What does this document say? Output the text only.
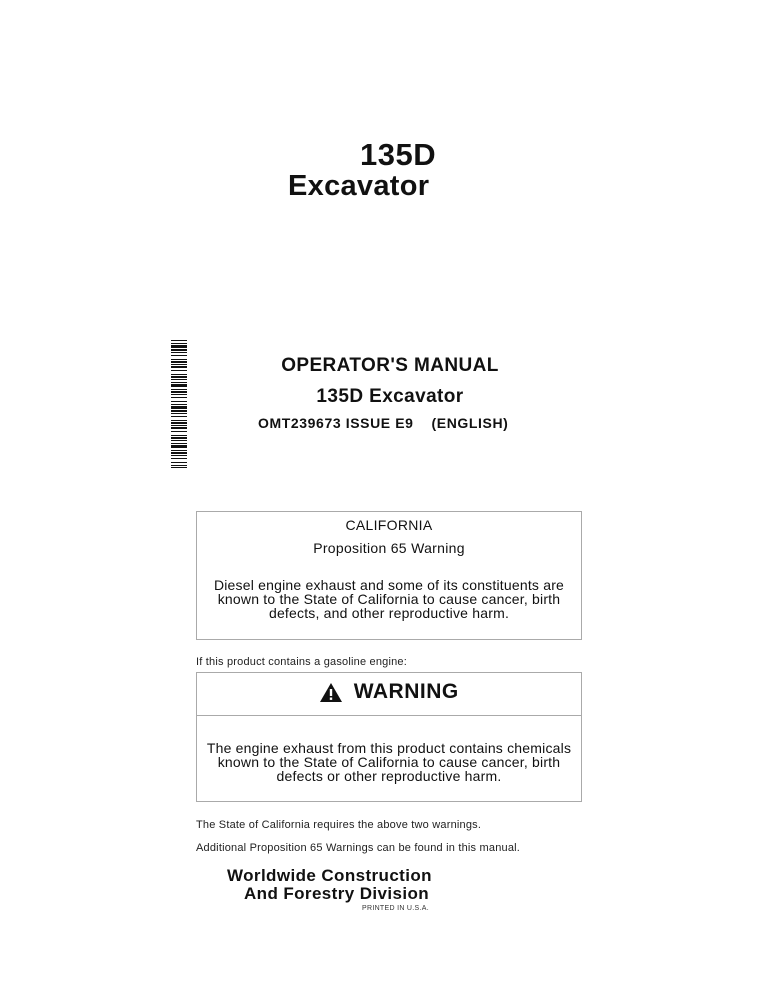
135D
Excavator
OPERATOR'S MANUAL
135D Excavator
OMT239673 ISSUE E9    (ENGLISH)
CALIFORNIA
Proposition 65 Warning
Diesel engine exhaust and some of its constituents are known to the State of California to cause cancer, birth defects, and other reproductive harm.
If this product contains a gasoline engine:
WARNING
The engine exhaust from this product contains chemicals known to the State of California to cause cancer, birth defects or other reproductive harm.
The State of California requires the above two warnings.
Additional Proposition 65 Warnings can be found in this manual.
Worldwide Construction
And Forestry Division
PRINTED IN U.S.A.
